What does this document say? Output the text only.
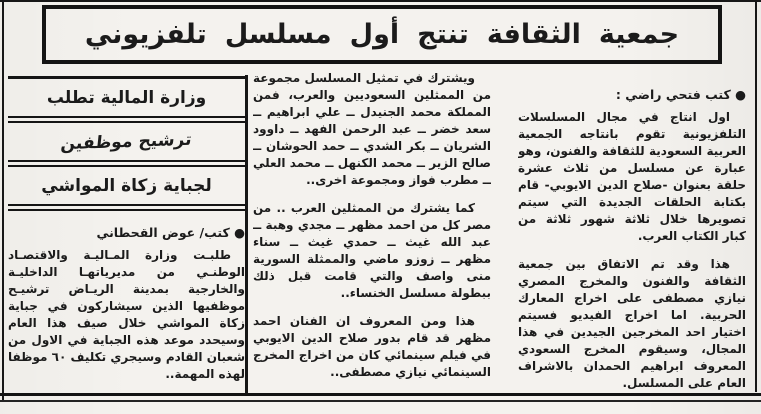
جمعية الثقافة تنتج أول مسلسل تلفزيوني

● كتب فتحي راضي :

اول انتاج في مجال المسلسلات التلفزيونية تقوم بانتاجه الجمعية العربية السعودية للثقافة والفنون، وهو عبارة عن مسلسل من ثلاث عشرة حلقة بعنوان -صلاح الدين الايوبي- قام بكتابة الحلقات الجديدة التي سيتم تصويرها خلال ثلاثة شهور ثلاثة من كبار الكتاب العرب.

هذا وقد تم الاتفاق بين جمعية الثقافة والفنون والمخرج المصري نيازي مصطفى على اخراج المعارك الحربية. اما اخراج الفيديو فسيتم اختيار احد المخرجين الجيدين في هذا المجال، وسيقوم المخرج السعودي المعروف ابراهيم الحمدان بالاشراف العام على المسلسل.

ويشترك في تمثيل المسلسل مجموعة من الممثلين السعوديين والعرب، فمن المملكة محمد الجنيدل ــ علي ابراهيم ــ سعد خضر ــ عبد الرحمن الفهد ــ داوود الشريان ــ بكر الشدي ــ حمد الحوشان ــ صالح الزير ــ محمد الكنهل ــ محمد العلي ــ مطرب فواز ومجموعة اخرى..

كما يشترك من الممثلين العرب .. من مصر كل من احمد مظهر ــ مجدي وهبة ــ عبد الله غيث ــ حمدي غيث ــ سناء مظهر ــ زوزو ماضي والممثلة السورية منى واصف والتي قامت قبل ذلك ببطولة مسلسل الخنساء..

هذا ومن المعروف ان الفنان احمد مظهر قد قام بدور صلاح الدين الايوبي في فيلم سينمائي كان من اخراج المخرج السينمائي نيازي مصطفى..

وزارة المالية تطلب
ترشيح موظفين
لجباية زكاة المواشي

● كتب/ عوض القحطاني

طلبـت وزارة المـاليـة والاقتصـاد الوطنـي من مديرياتهـا الداخليـة والخارجية بمدينة الريـاض ترشيـح موظفيها الذين سيشاركون في جباية زكاة المواشي خلال صيف هذا العام وسيحدد موعد هذه الجباية في الاول من شعبان القادم وسيجري تكليف ٦٠ موظفا لهذه المهمة..
